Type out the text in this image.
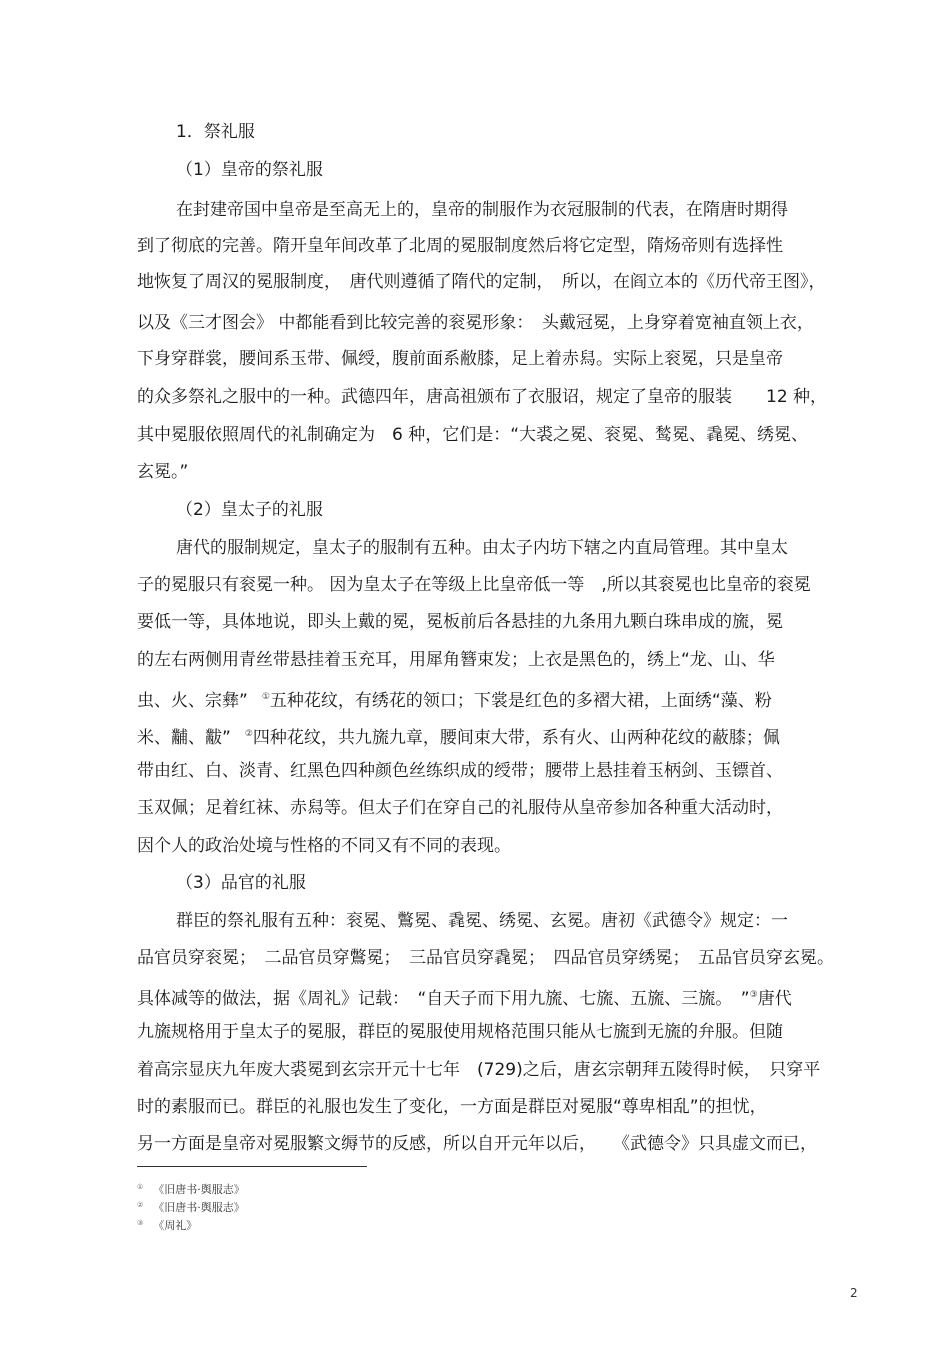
1．祭礼服
（1）皇帝的祭礼服
在封建帝国中皇帝是至高无上的，皇帝的制服作为衣冠服制的代表，在隋唐时期得
到了彻底的完善。隋开皇年间改革了北周的冕服制度然后将它定型，隋炀帝则有选择性
地恢复了周汉的冕服制度，　唐代则遵循了隋代的定制，　所以，在阎立本的《历代帝王图》，
以及《三才图会》 中都能看到比较完善的衮冕形象：　头戴冠冕，上身穿着宽袖直领上衣，
下身穿群裳，腰间系玉带、佩绶，腹前面系敝膝，足上着赤舄。实际上衮冕，只是皇帝
的众多祭礼之服中的一种。武德四年，唐高祖颁布了衣服诏，规定了皇帝的服装　　12 种，
其中冕服依照周代的礼制确定为　6 种，它们是：“大裘之冕、衮冕、鹙冕、毳冕、绣冕、
玄冕。”
（2）皇太子的礼服
唐代的服制规定，皇太子的服制有五种。由太子内坊下辖之内直局管理。其中皇太
子的冕服只有衮冕一种。 因为皇太子在等级上比皇帝低一等　,所以其衮冕也比皇帝的衮冕
要低一等，具体地说，即头上戴的冕，冕板前后各悬挂的九条用九颗白珠串成的旒，冕
的左右两侧用青丝带悬挂着玉充耳，用犀角簪束发；上衣是黑色的，绣上“龙、山、华
虫、火、宗彝” ①五种花纹，有绣花的领口；下裳是红色的多褶大裙，上面绣“藻、粉
米、黼、黻” ②四种花纹，共九旒九章，腰间束大带，系有火、山两种花纹的蔽膝；佩
带由红、白、淡青、红黑色四种颜色丝练织成的绶带；腰带上悬挂着玉柄剑、玉镖首、
玉双佩；足着红袜、赤舄等。但太子们在穿自己的礼服侍从皇帝参加各种重大活动时，
因个人的政治处境与性格的不同又有不同的表现。
（3）品官的礼服
群臣的祭礼服有五种：衮冕、鷩冕、毳冕、绣冕、玄冕。唐初《武德令》规定：一
品官员穿衮冕；　二品官员穿鷩冕；　三品官员穿毳冕；　四品官员穿绣冕；　五品官员穿玄冕。
具体减等的做法，据《周礼》记载：　“自天子而下用九旒、七旒、五旒、三旒。　”③唐代
九旒规格用于皇太子的冕服，群臣的冕服使用规格范围只能从七旒到无旒的弁服。但随
着高宗显庆九年废大裘冕到玄宗开元十七年　(729)之后，唐玄宗朝拜五陵得时候，　只穿平
时的素服而已。群臣的礼服也发生了变化，一方面是群臣对冕服“尊卑相乱”的担忧，
另一方面是皇帝对冕服繁文缛节的反感，所以自开元年以后，　　《武德令》只具虚文而已，
① 《旧唐书·舆服志》
② 《旧唐书·舆服志》
③ 《周礼》
2
